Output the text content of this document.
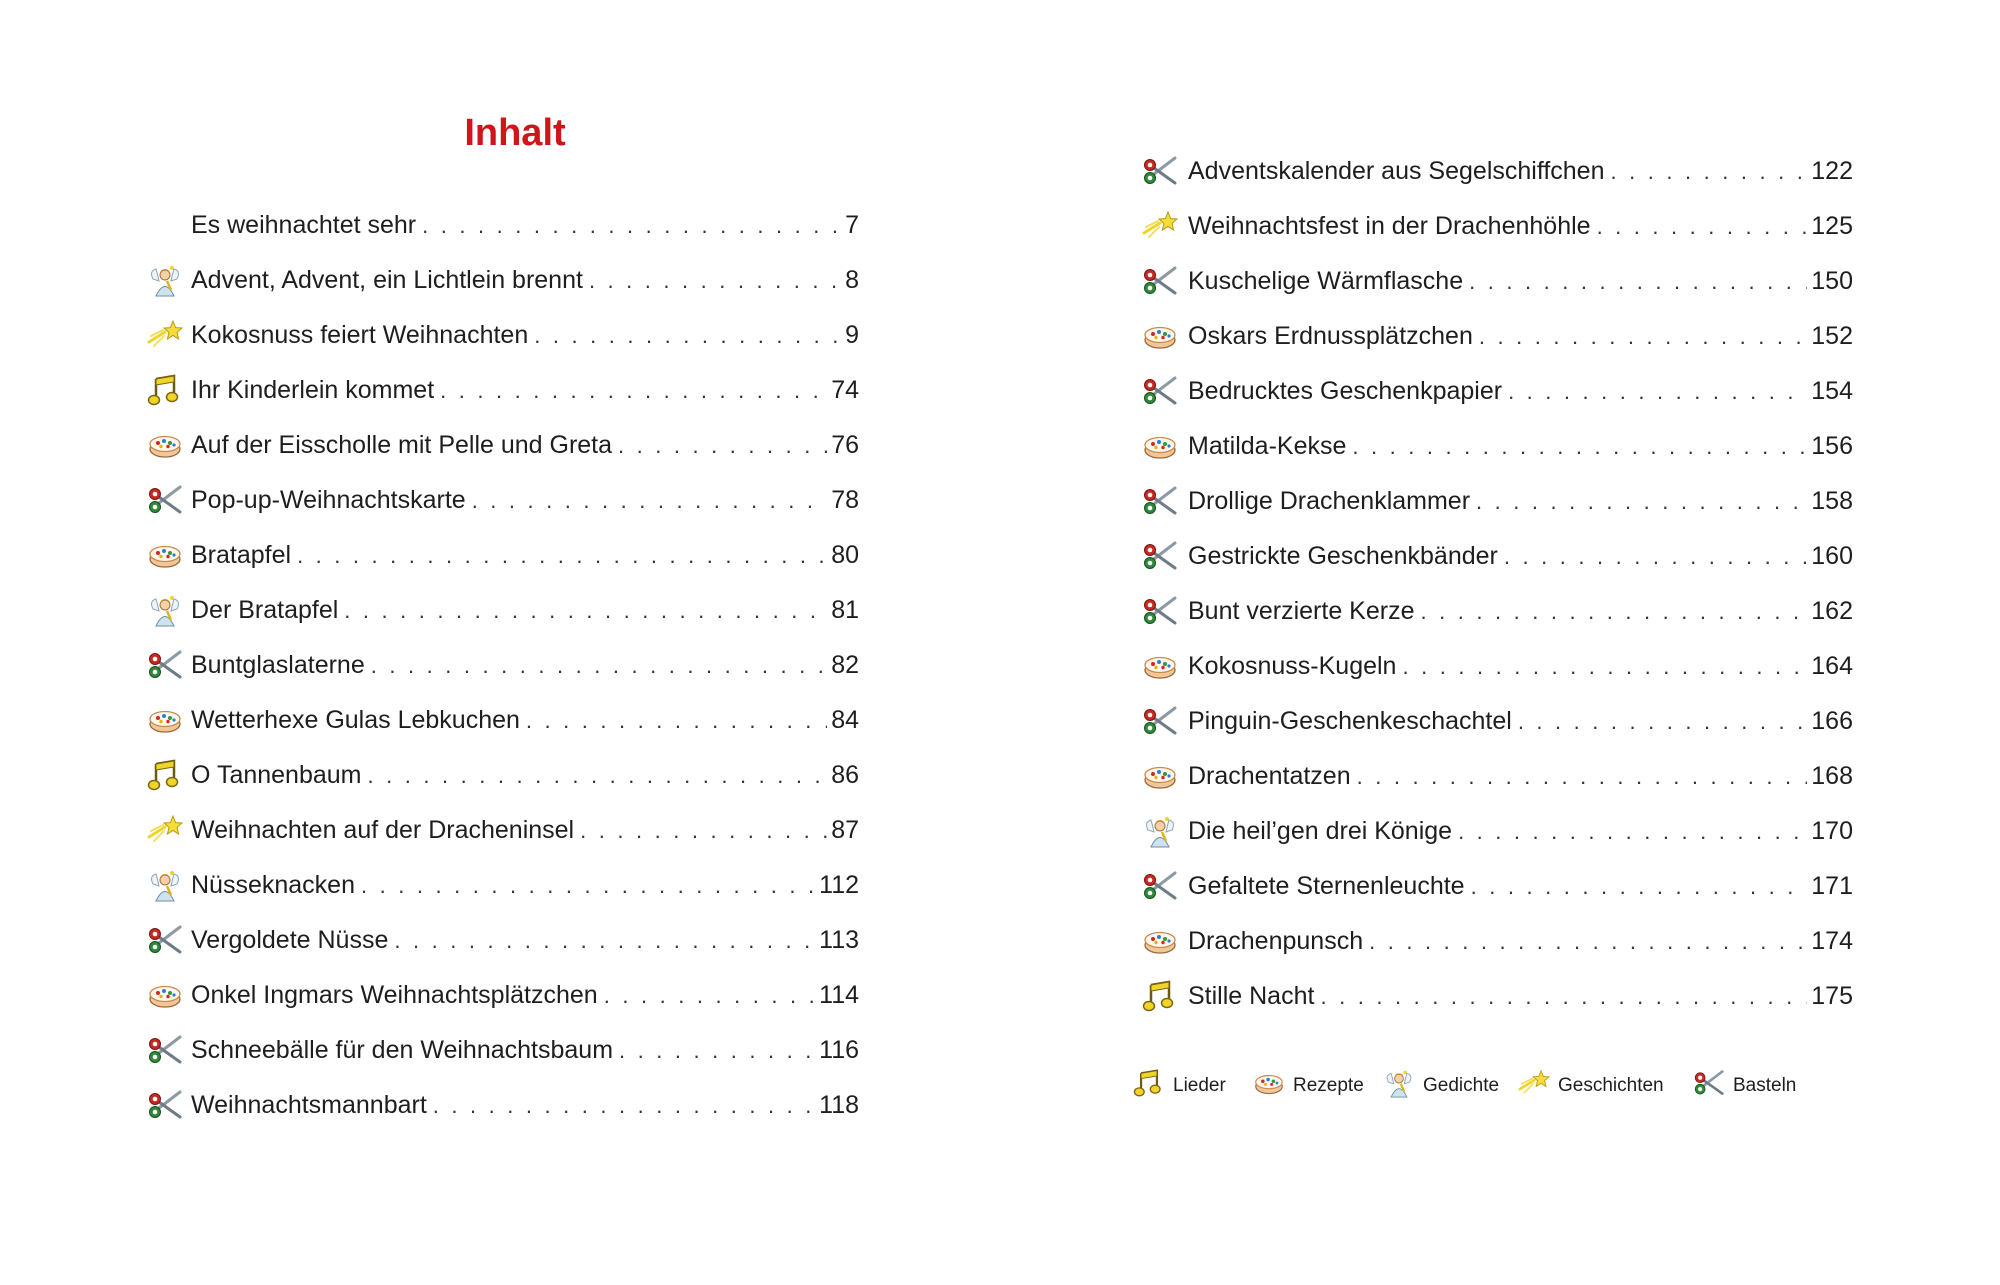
Inhalt
Es weihnachtet sehr . . .	7
Advent, Advent, ein Lichtlein brennt . . .	8
Kokosnuss feiert Weihnachten . . .	9
Ihr Kinderlein kommet . . .	74
Auf der Eisscholle mit Pelle und Greta . . .	76
Pop-up-Weihnachtskarte . . .	78
Bratapfel . . .	80
Der Bratapfel . . .	81
Buntglaslaterne . . .	82
Wetterhexe Gulas Lebkuchen . . .	84
O Tannenbaum . . .	86
Weihnachten auf der Dracheninsel . . .	87
Nüsseknacken . . .	112
Vergoldete Nüsse . . .	113
Onkel Ingmars Weihnachtsplätzchen . . .	114
Schneebälle für den Weihnachtsbaum . . .	116
Weihnachtsmannbart . . .	118
Adventskalender aus Segelschiffchen . . .	122
Weihnachtsfest in der Drachenhöhle . . .	125
Kuschelige Wärmflasche . . .	150
Oskars Erdnussplätzchen . . .	152
Bedrucktes Geschenkpapier . . .	154
Matilda-Kekse . . .	156
Drollige Drachenklammer . . .	158
Gestrickte Geschenkbänder . . .	160
Bunt verzierte Kerze . . .	162
Kokosnuss-Kugeln . . .	164
Pinguin-Geschenkeschachtel . . .	166
Drachentatzen . . .	168
Die heil’gen drei Könige . . .	170
Gefaltete Sternenleuchte . . .	171
Drachenpunsch . . .	174
Stille Nacht . . .	175
Lieder	Rezepte	Gedichte	Geschichten	Basteln
